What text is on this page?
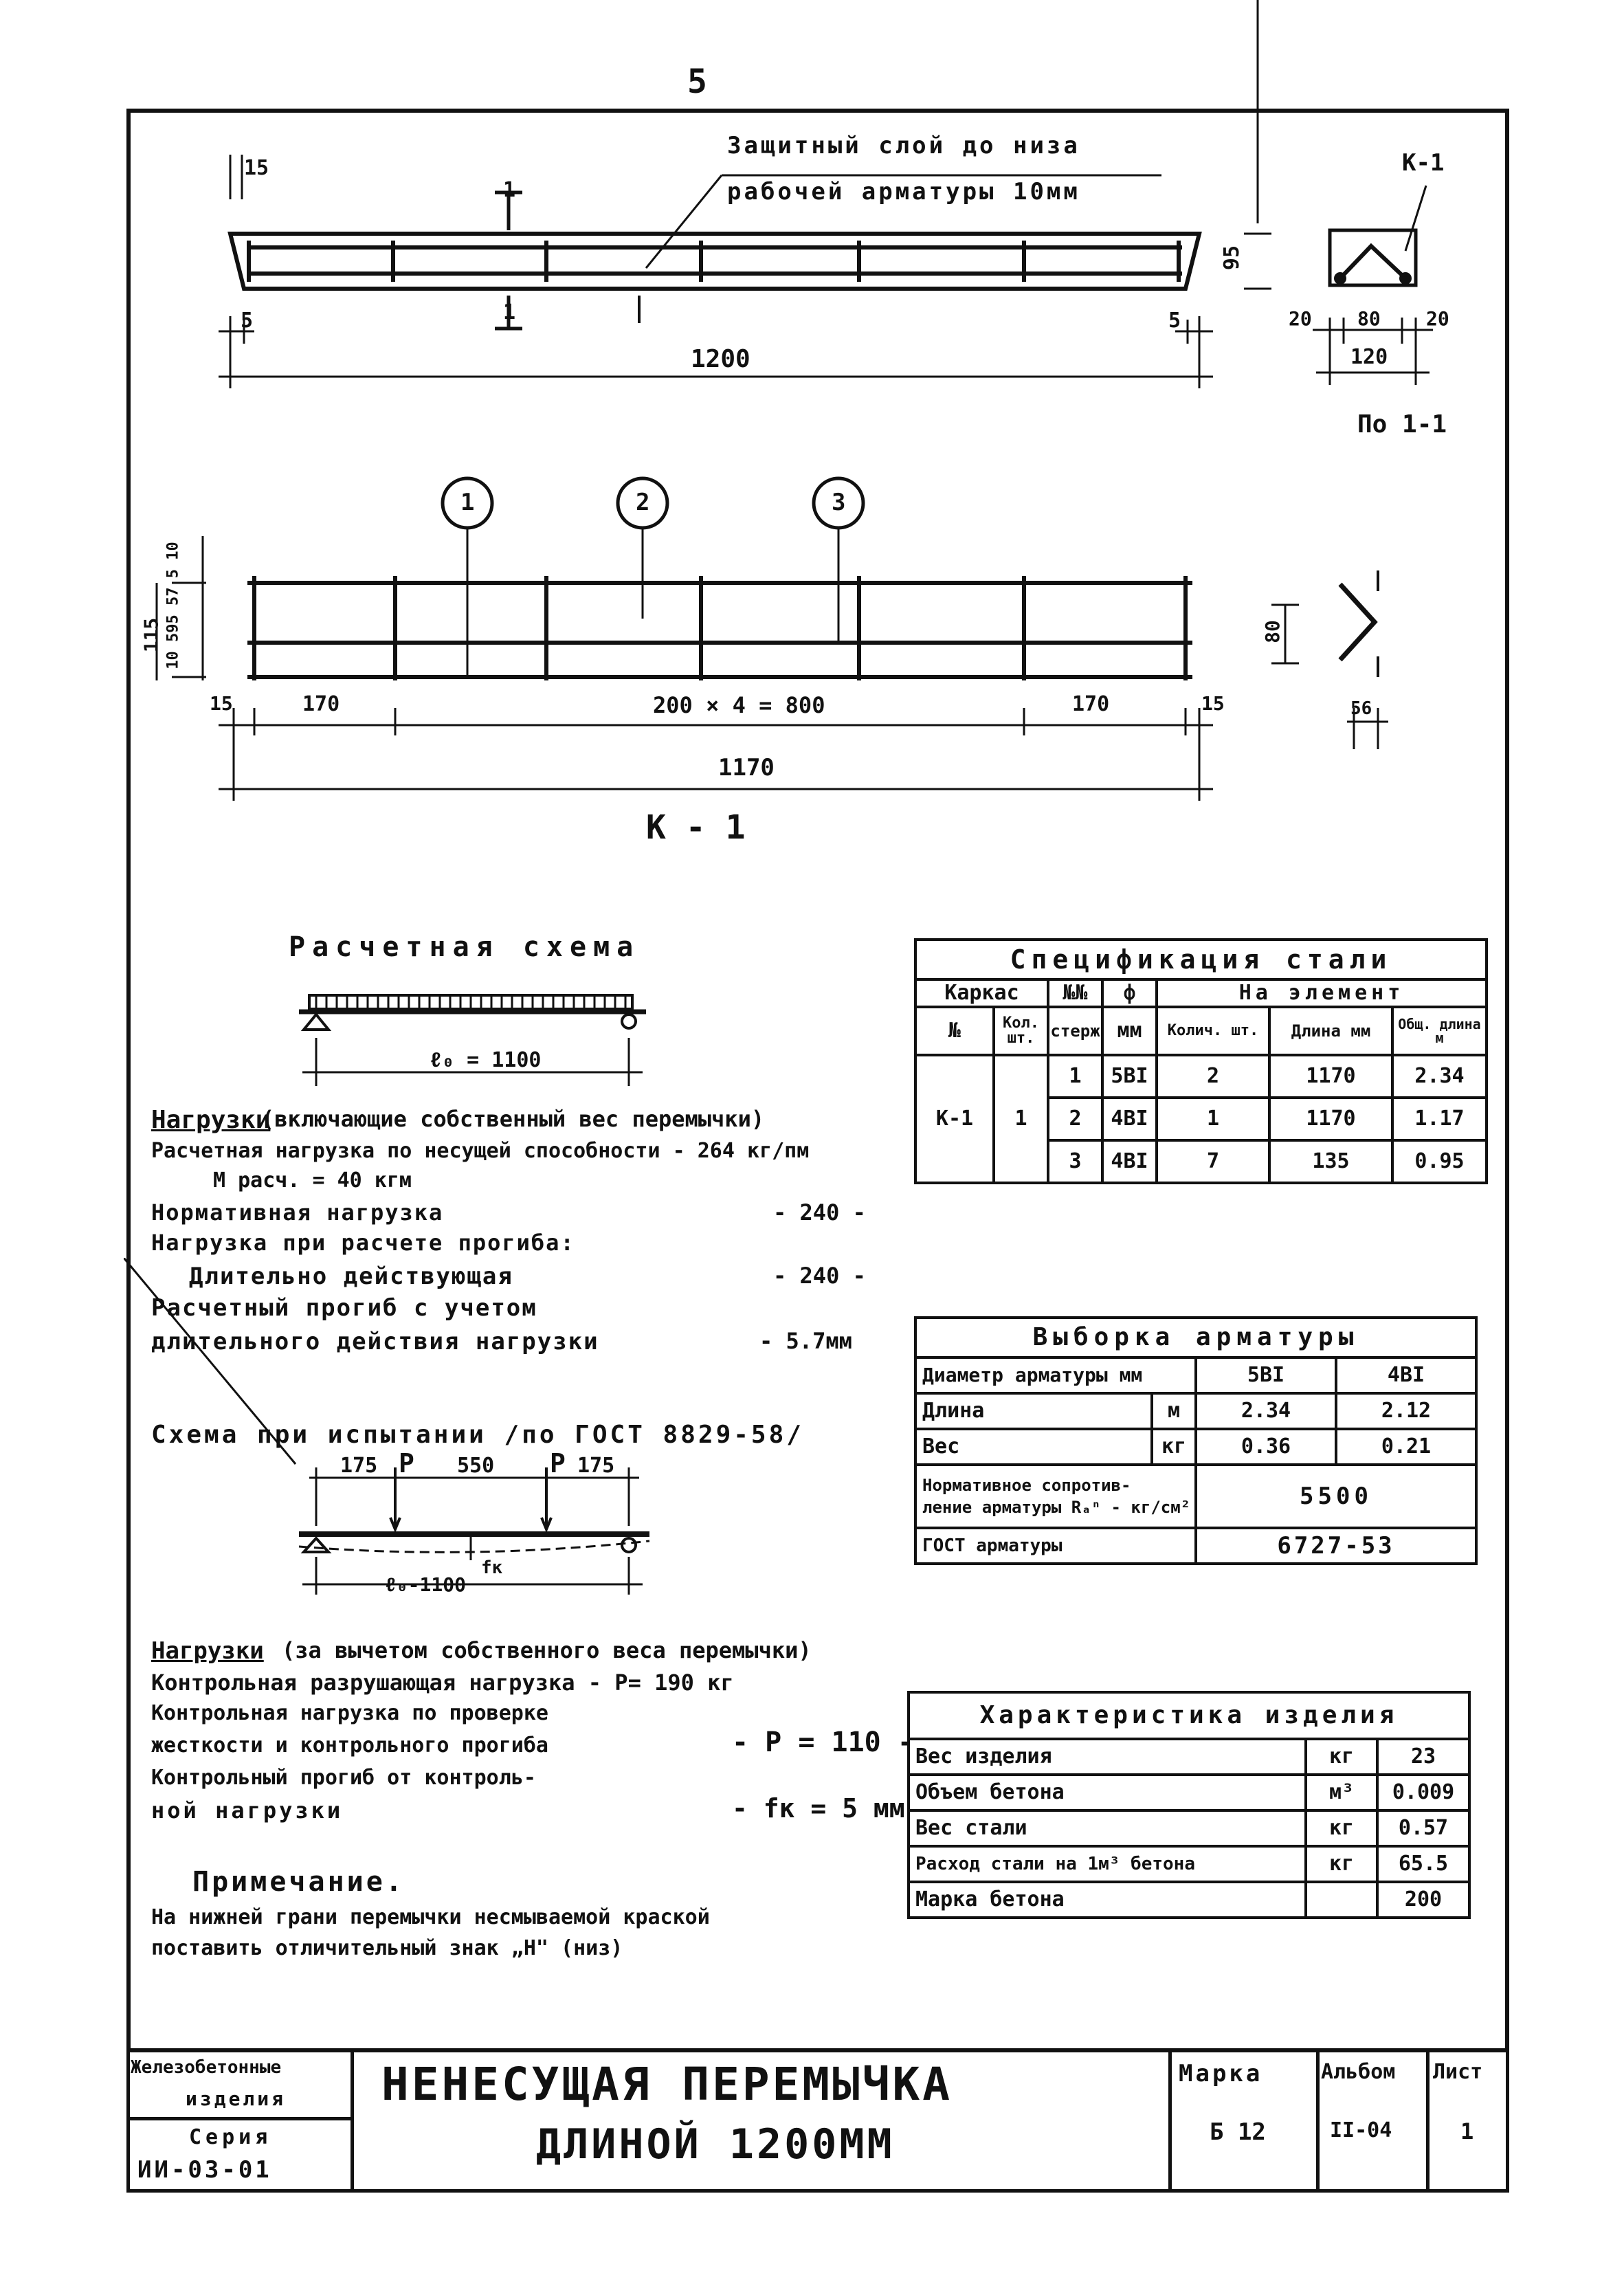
5
Защитный слой до низа
рабочей арматуры 10мм
К-1
15
1
1
5	5
1200
95
20 80 20
120
По 1-1
1	2	3
115 10 595 57 5 10
15	170	200 × 4 = 800	170	15
1170
К - 1
80
56
Расчетная схема
ℓ₀ = 1100
Нагрузки
(включающие собственный вес перемычки)
Расчетная нагрузка по несущей способности - 264 кг/пм
М расч. = 40 кгм
Нормативная нагрузка	- 240 -
Нагрузка при расчете прогиба:
Длительно действующая	- 240 -
Расчетный прогиб с учетом
длительного действия нагрузки	- 5.7мм
Схема при испытании /по ГОСТ 8829-58/
175 P 550 P 175
ℓ₀-1100
fк
Нагрузки (за вычетом собственного веса перемычки)
Контрольная разрушающая нагрузка - P= 190 кг
Контрольная нагрузка по проверке
жесткости и контрольного прогиба	- P = 110 -
Контрольный прогиб от контроль-
ной нагрузки	- fк = 5 мм
Примечание.
На нижней грани перемычки несмываемой краской
поставить отличительный знак „Н" (низ)
Спецификация стали						
Каркас		№№	ф	На элемент		
№	Кол. шт.	стерж	мм	Колич. шт.	Длина мм	Общ. длина м
К-1	1	1	5BI	2	1170	2.34
		2	4BI	1	1170	1.17
		3	4BI	7	135	0.95
Выборка арматуры			
Диаметр арматуры мм		5BI	4BI
Длина	м	2.34	2.12
Вес	кг	0.36	0.21

Нормативное сопротив-
ление арматуры Rₐⁿ - кг/см²		5500	
ГОСТ арматуры		6727-53	
Характеристика изделия		
Вес изделия	кг	23
Объем бетона	м³	0.009
Вес стали	кг	0.57
Расход стали на 1м³ бетона	кг	65.5
Марка бетона		200
Железобетонные
изделия
Серия
ИИ-03-01
НЕНЕСУЩАЯ ПЕРЕМЫЧКА
ДЛИНОЙ 1200ММ
Марка
Б 12
Альбом
II-04
Лист
1
